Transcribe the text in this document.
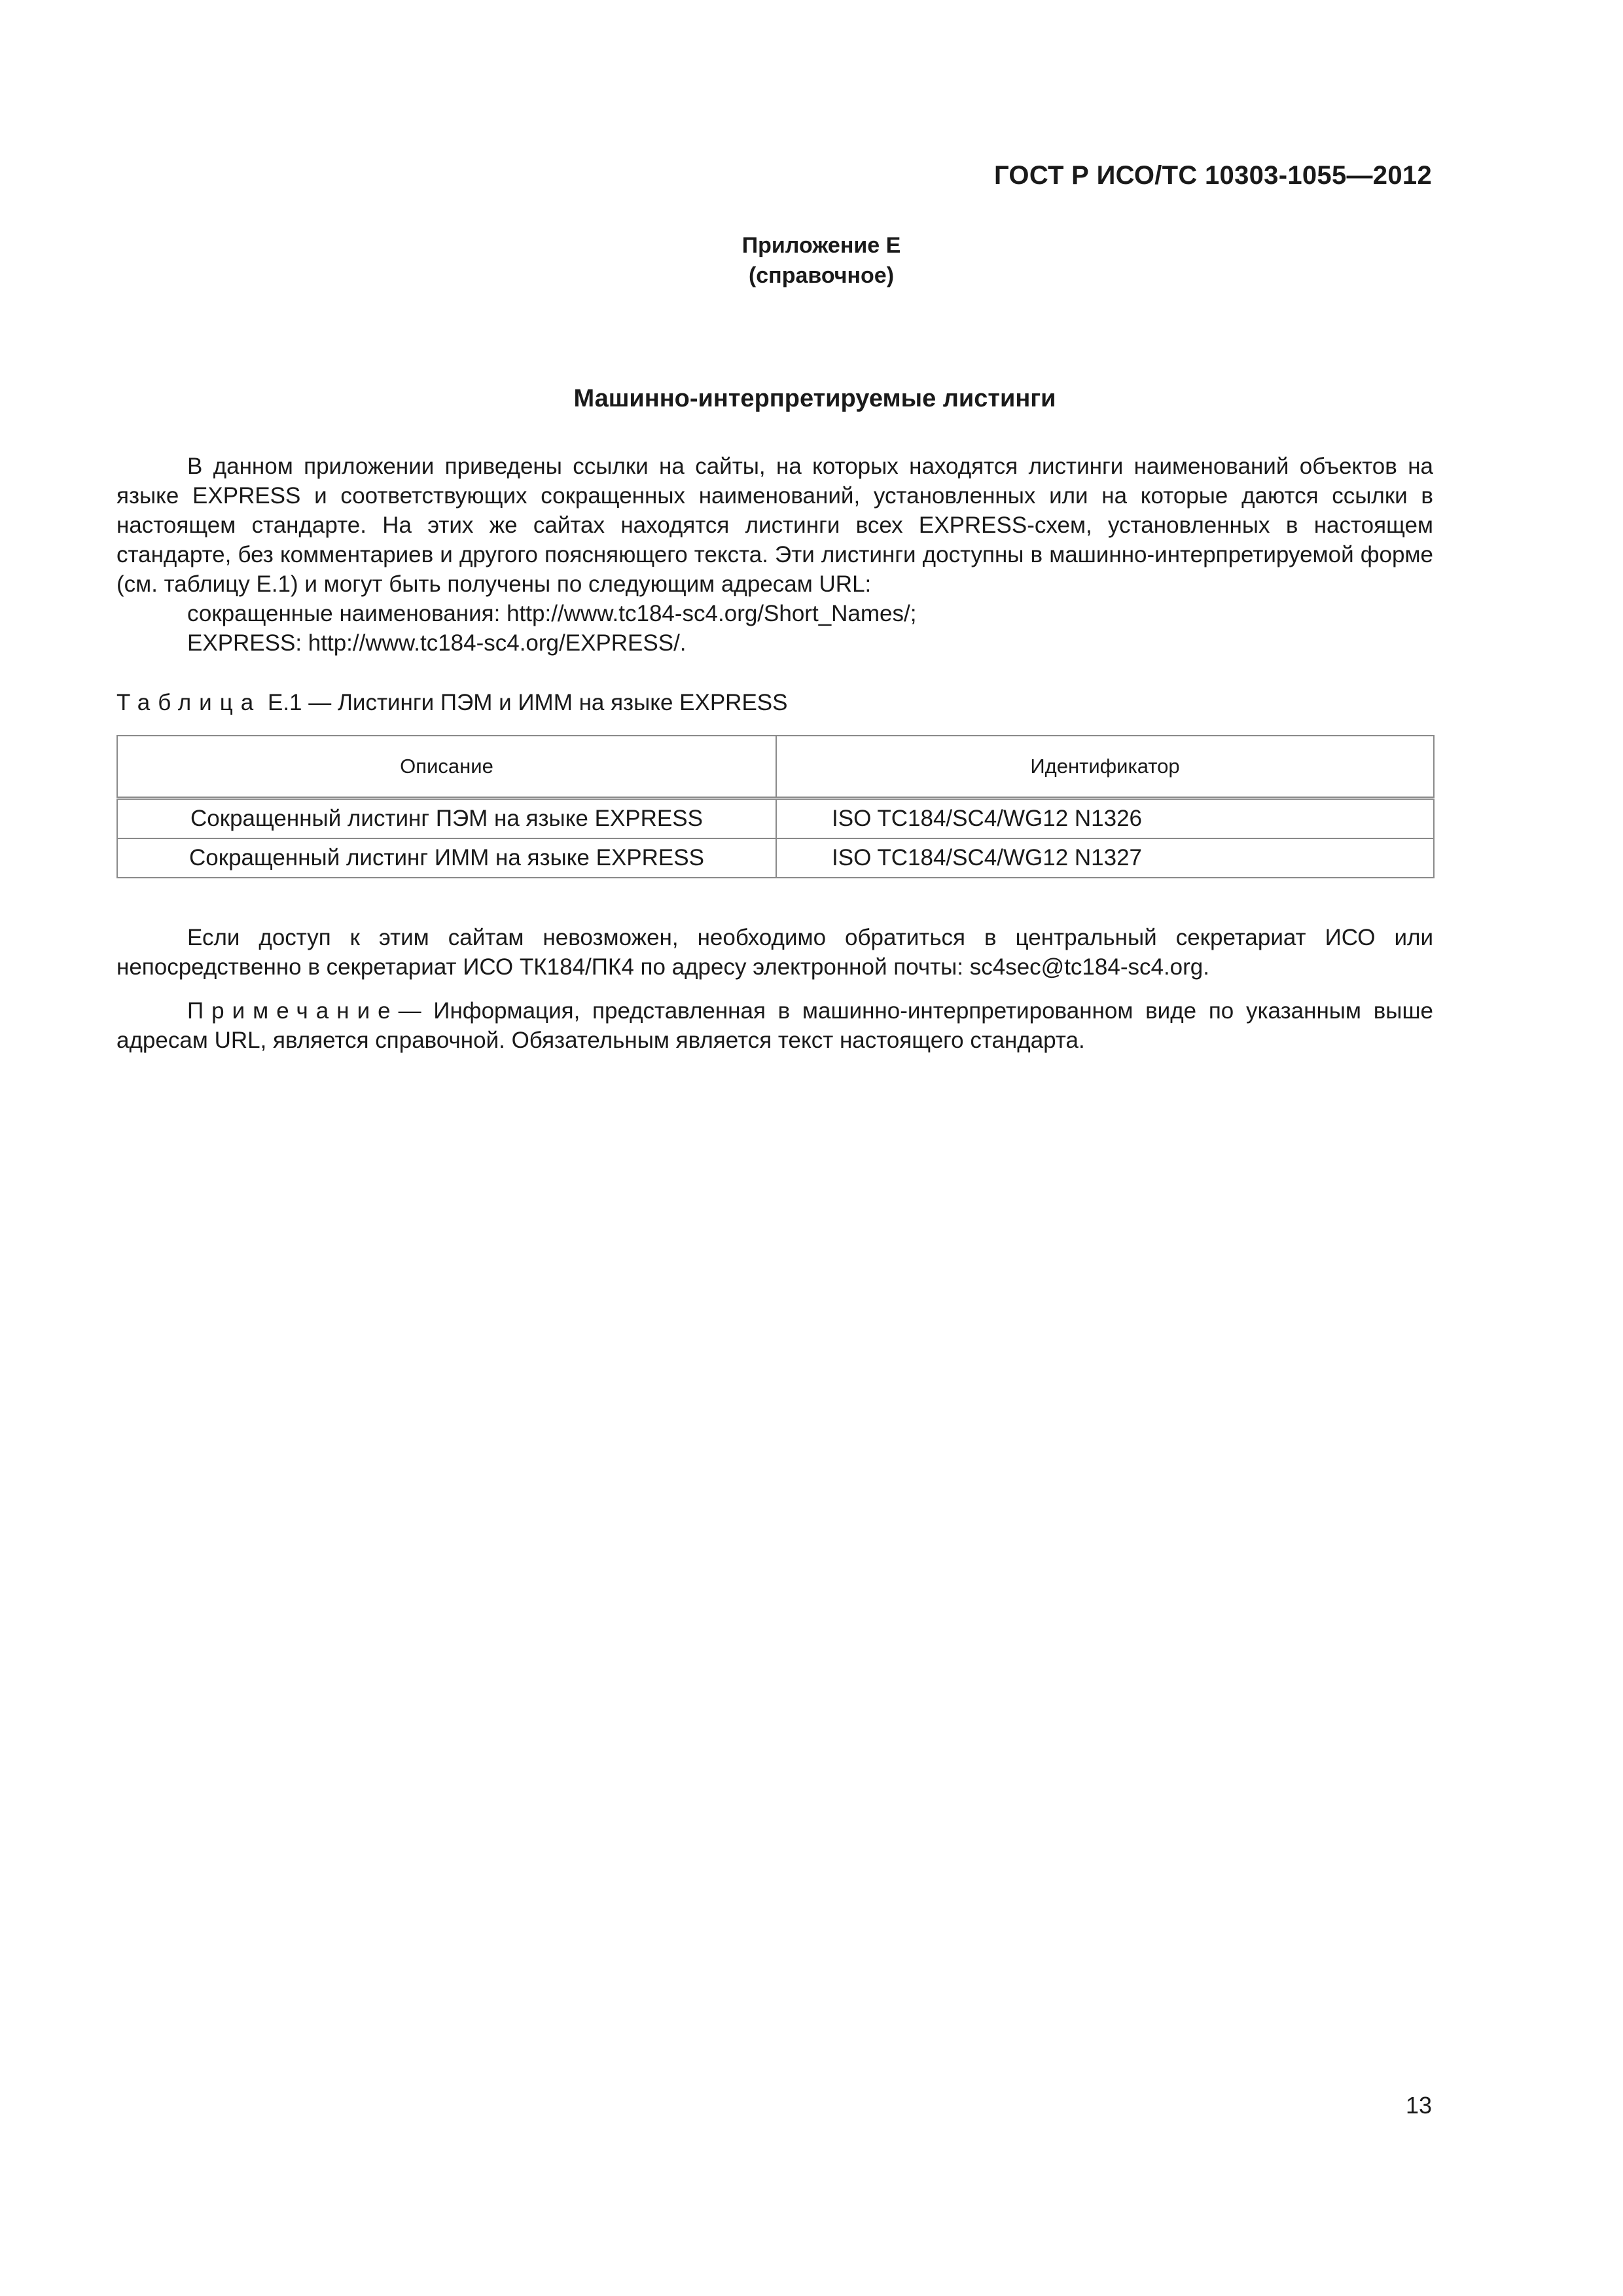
ГОСТ Р ИСО/ТС 10303-1055—2012
Приложение Е
(справочное)
Машинно-интерпретируемые листинги

В данном приложении приведены ссылки на сайты, на которых находятся листинги наименований объектов на языке EXPRESS и соответствующих сокращенных наименований, установленных или на которые даются ссылки в настоящем стандарте. На этих же сайтах находятся листинги всех EXPRESS-схем, установленных в настоящем стандарте, без комментариев и другого поясняющего текста. Эти листинги доступны в машинно-интерпретируемой форме (см. таблицу Е.1) и могут быть получены по следующим адресам URL:

сокращенные наименования: http://www.tc184-sc4.org/Short_Names/;
EXPRESS: http://www.tc184-sc4.org/EXPRESS/.
Таблица Е.1 — Листинги ПЭМ и ИММ на языке EXPRESS
Описание	Идентификатор
Сокращенный листинг ПЭМ на языке EXPRESS	ISO TC184/SC4/WG12 N1326
Сокращенный листинг ИММ на языке EXPRESS	ISO TC184/SC4/WG12 N1327

Если доступ к этим сайтам невозможен, необходимо обратиться в центральный секретариат ИСО или непосредственно в секретариат ИСО ТК184/ПК4 по адресу электронной почты: sc4sec@tc184-sc4.org.

Примечание— Информация, представленная в машинно-интерпретированном виде по указанным выше адресам URL, является справочной. Обязательным является текст настоящего стандарта.

13
